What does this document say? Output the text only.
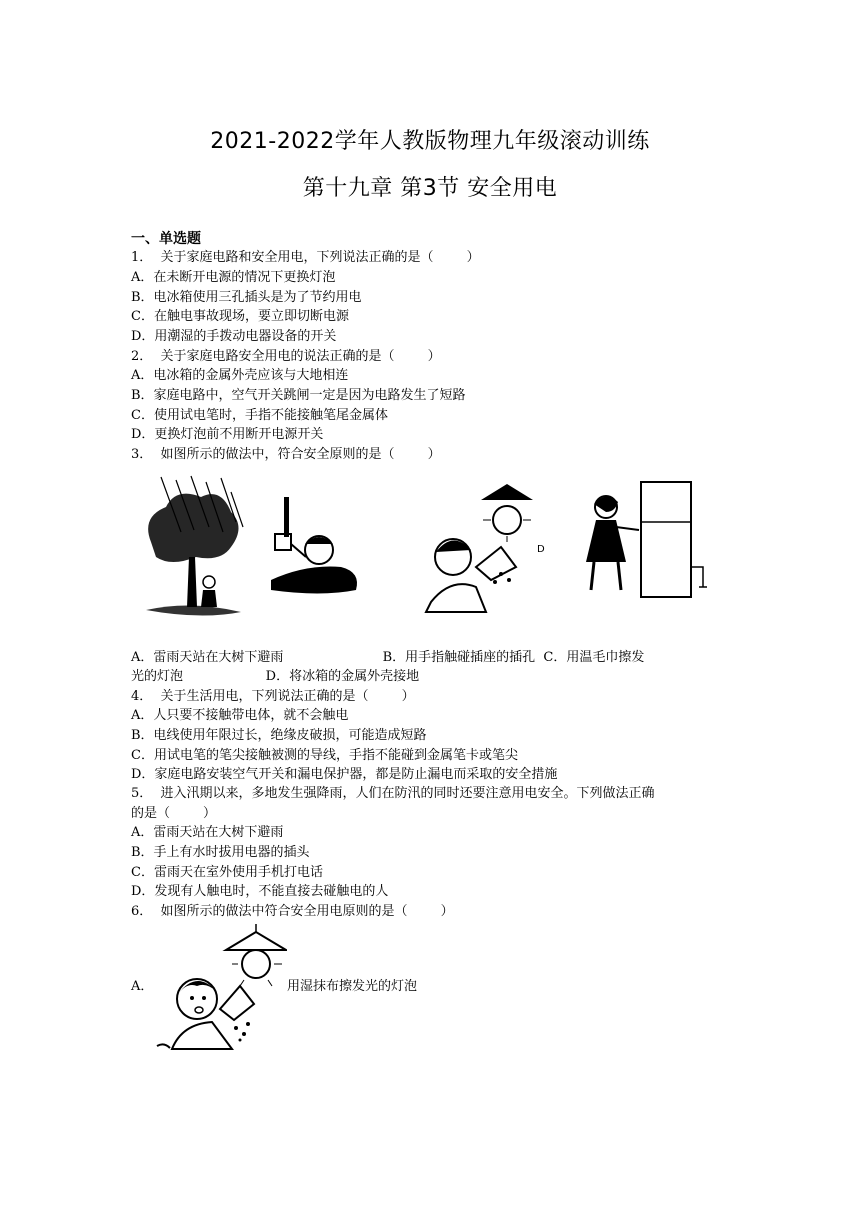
2021-2022学年人教版物理九年级滚动训练
第十九章 第3节 安全用电
一、单选题
1．  关于家庭电路和安全用电，下列说法正确的是（        ）
A．在未断开电源的情况下更换灯泡
B．电冰箱使用三孔插头是为了节约用电
C．在触电事故现场，要立即切断电源
D．用潮湿的手拨动电器设备的开关
2．  关于家庭电路安全用电的说法正确的是（        ）
A．电冰箱的金属外壳应该与大地相连
B．家庭电路中，空气开关跳闸一定是因为电路发生了短路
C．使用试电笔时，手指不能接触笔尾金属体
D．更换灯泡前不用断开电源开关
3．  如图所示的做法中，符合安全原则的是（        ）
D
A．雷雨天站在大树下避雨                        B．用手指触碰插座的插孔  C．用温毛巾擦发
光的灯泡                    D．将冰箱的金属外壳接地
4．  关于生活用电，下列说法正确的是（        ）
A．人只要不接触带电体，就不会触电
B．电线使用年限过长，绝缘皮破损，可能造成短路
C．用试电笔的笔尖接触被测的导线，手指不能碰到金属笔卡或笔尖
D．家庭电路安装空气开关和漏电保护器，都是防止漏电而采取的安全措施
5．  进入汛期以来，多地发生强降雨，人们在防汛的同时还要注意用电安全。下列做法正确
的是（        ）
A．雷雨天站在大树下避雨
B．手上有水时拔用电器的插头
C．雷雨天在室外使用手机打电话
D．发现有人触电时，不能直接去碰触电的人
6．  如图所示的做法中符合安全用电原则的是（        ）
A．	用湿抹布擦发光的灯泡
